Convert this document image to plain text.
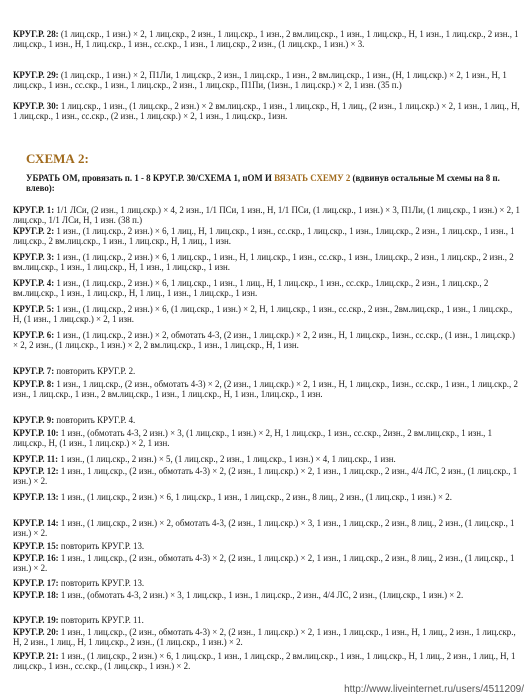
КРУГ.Р. 28: (1 лиц.скр., 1 изн.) × 2, 1 лиц.скр., 2 изн., 1 лиц.скр., 1 изн., 2 вм.лиц.скр., 1 изн., 1 лиц.скр., Н, 1 изн., 1 лиц.скр., 2 изн., 1 лиц.скр., 1 изн., Н, 1 лиц.скр., 1 изн., сс.скр., 1 изн., 1 лиц.скр., 2 изн., (1 лиц.скр., 1 изн.) × 3.

КРУГ.Р. 29: (1 лиц.скр., 1 изн.) × 2, П1Ли, 1 лиц.скр., 2 изн., 1 лиц.скр., 1 изн., 2 вм.лиц.скр., 1 изн., (Н, 1 лиц.скр.) × 2, 1 изн., Н, 1 лиц.скр., 1 изн., сс.скр., 1 изн., 1 лиц.скр., 2 изн., 1 лиц.скр., П1Пи, (1изн., 1 лиц.скр.) × 2, 1 изн. (35 п.)

КРУГ.Р. 30: 1 лиц.скр., 1 изн., (1 лиц.скр., 2 изн.) × 2 вм.лиц.скр., 1 изн., 1 лиц.скр., Н, 1 лиц., (2 изн., 1 лиц.скр.) × 2, 1 изн., 1 лиц., Н, 1 лиц.скр., 1 изн., сс.скр., (2 изн., 1 лиц.скр.) × 2, 1 изн., 1 лиц.скр., 1изн.

СХЕМА 2:

УБРАТЬ ОМ, провязать п. 1 - 8 КРУГ.Р. 30/СХЕМА 1, пОМ И ВЯЗАТЬ СХЕМУ 2 (вдвинув остальные М схемы на 8 п. влево):

КРУГ.Р. 1: 1/1 ЛСи, (2 изн., 1 лиц.скр.) × 4, 2 изн., 1/1 ПСи, 1 изн., Н, 1/1 ПСи, (1 лиц.скр., 1 изн.) × 3, П1Ли, (1 лиц.скр., 1 изн.) × 2, 1 лиц.скр., 1/1 ЛСи, Н, 1 изн. (38 п.)

КРУГ.Р. 2: 1 изн., (1 лиц.скр., 2 изн.) × 6, 1 лиц., Н, 1 лиц.скр., 1 изн., сс.скр., 1 лиц.скр., 1 изн., 1лиц.скр., 2 изн., 1 лиц.скр., 1 изн., 1 лиц.скр., 2 вм.лиц.скр., 1 изн., 1 лиц.скр., Н, 1 лиц., 1 изн.

КРУГ.Р. 3: 1 изн., (1 лиц.скр., 2 изн.) × 6, 1 лиц.скр., 1 изн., Н, 1 лиц.скр., 1 изн., сс.скр., 1 изн., 1лиц.скр., 2 изн., 1 лиц.скр., 2 изн., 2 вм.лиц.скр., 1 изн., 1 лиц.скр., Н, 1 изн., 1 лиц.скр., 1 изн.

КРУГ.Р. 4: 1 изн., (1 лиц.скр., 2 изн.) × 6, 1 лиц.скр., 1 изн., 1 лиц., Н, 1 лиц.скр., 1 изн., сс.скр., 1лиц.скр., 2 изн., 1 лиц.скр., 2 вм.лиц.скр., 1 изн., 1 лиц.скр., Н, 1 лиц., 1 изн., 1 лиц.скр., 1 изн.

КРУГ.Р. 5: 1 изн., (1 лиц.скр., 2 изн.) × 6, (1 лиц.скр., 1 изн.) × 2, Н, 1 лиц.скр., 1 изн., сс.скр., 2 изн., 2вм.лиц.скр., 1 изн., 1 лиц.скр., Н, (1 изн., 1 лиц.скр.) × 2, 1 изн.

КРУГ.Р. 6: 1 изн., (1 лиц.скр., 2 изн.) × 2, обмотать 4-3, (2 изн., 1 лиц.скр.) × 2, 2 изн., Н, 1 лиц.скр., 1изн., сс.скр., (1 изн., 1 лиц.скр.) × 2, 2 изн., (1 лиц.скр., 1 изн.) × 2, 2 вм.лиц.скр., 1 изн., 1 лиц.скр., Н, 1 изн.

КРУГ.Р. 7: повторить КРУГ.Р. 2.

КРУГ.Р. 8: 1 изн., 1 лиц.скр., (2 изн., обмотать 4-3) × 2, (2 изн., 1 лиц.скр.) × 2, 1 изн., Н, 1 лиц.скр., 1изн., сс.скр., 1 изн., 1 лиц.скр., 2 изн., 1 лиц.скр., 1 изн., 2 вм.лиц.скр., 1 изн., 1 лиц.скр., Н, 1 изн., 1лиц.скр., 1 изн.

КРУГ.Р. 9: повторить КРУГ.Р. 4.

КРУГ.Р. 10: 1 изн., (обмотать 4-3, 2 изн.) × 3, (1 лиц.скр., 1 изн.) × 2, Н, 1 лиц.скр., 1 изн., сс.скр., 2изн., 2 вм.лиц.скр., 1 изн., 1 лиц.скр., Н, (1 изн., 1 лиц.скр.) × 2, 1 изн.

КРУГ.Р. 11: 1 изн., (1 лиц.скр., 2 изн.) × 5, (1 лиц.скр., 2 изн., 1 лиц.скр., 1 изн.) × 4, 1 лиц.скр., 1 изн.

КРУГ.Р. 12: 1 изн., 1 лиц.скр., (2 изн., обмотать 4-3) × 2, (2 изн., 1 лиц.скр.) × 2, 1 изн., 1 лиц.скр., 2 изн., 4/4 ЛС, 2 изн., (1 лиц.скр., 1 изн.) × 2.

КРУГ.Р. 13: 1 изн., (1 лиц.скр., 2 изн.) × 6, 1 лиц.скр., 1 изн., 1 лиц.скр., 2 изн., 8 лиц., 2 изн., (1 лиц.скр., 1 изн.) × 2.

КРУГ.Р. 14: 1 изн., (1 лиц.скр., 2 изн.) × 2, обмотать 4-3, (2 изн., 1 лиц.скр.) × 3, 1 изн., 1 лиц.скр., 2 изн., 8 лиц., 2 изн., (1 лиц.скр., 1 изн.) × 2.

КРУГ.Р. 15: повторить КРУГ.Р. 13.

КРУГ.Р. 16: 1 изн., 1 лиц.скр., (2 изн., обмотать 4-3) × 2, (2 изн., 1 лиц.скр.) × 2, 1 изн., 1 лиц.скр., 2 изн., 8 лиц., 2 изн., (1 лиц.скр., 1 изн.) × 2.

КРУГ.Р. 17: повторить КРУГ.Р. 13.

КРУГ.Р. 18: 1 изн., (обмотать 4-3, 2 изн.) × 3, 1 лиц.скр., 1 изн., 1 лиц.скр., 2 изн., 4/4 ЛС, 2 изн., (1лиц.скр., 1 изн.) × 2.

КРУГ.Р. 19: повторить КРУГ.Р. 11.

КРУГ.Р. 20: 1 изн., 1 лиц.скр., (2 изн., обмотать 4-3) × 2, (2 изн., 1 лиц.скр.) × 2, 1 изн., 1 лиц.скр., 1 изн., Н, 1 лиц., 2 изн., 1 лиц.скр., Н, 2 изн., 1 лиц., Н, 1 лиц.скр., 2 изн., (1 лиц.скр., 1 изн.) × 2.

КРУГ.Р. 21: 1 изн., (1 лиц.скр., 2 изн.) × 6, 1 лиц.скр., 1 изн., 1 лиц.скр., 2 вм.лиц.скр., 1 изн., 1 лиц.скр., Н, 1 лиц., 2 изн., 1 лиц., Н, 1 лиц.скр., 1 изн., сс.скр., (1 лиц.скр., 1 изн.) × 2.

http://www.liveinternet.ru/users/4511209/
